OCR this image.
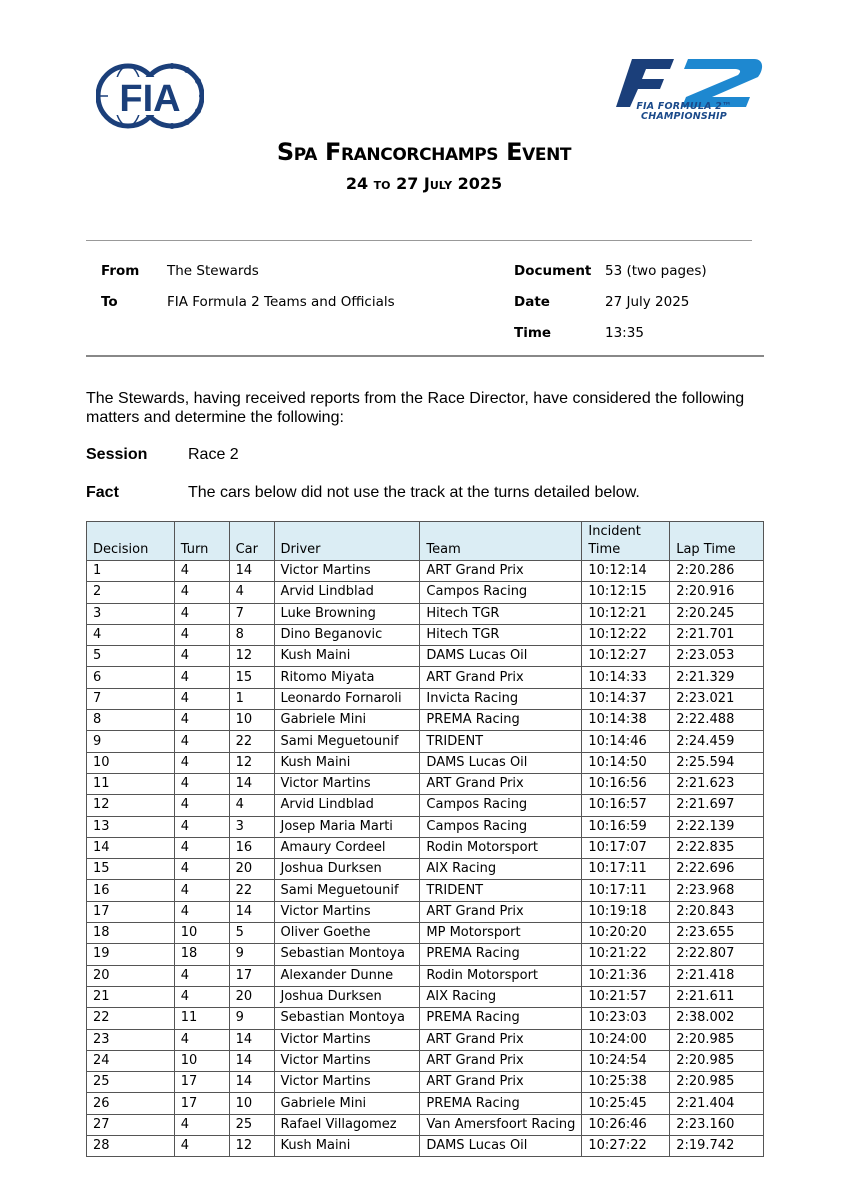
FIA	FIA FORMULA 2™
CHAMPIONSHIP
Spa Francorchamps Event
24 to 27 July 2025
From The Stewards
To	FIA Formula 2 Teams and Officials
Document 53 (two pages)
Date	27 July 2025
Time	13:35
The Stewards, having received reports from the Race Director, have considered the following matters and determine the following:
Session	Race 2
Fact	The cars below did not use the track at the turns detailed below.
Decision	Turn	Car	Driver	Team	Incident Time	Lap Time
1	4	14	Victor Martins	ART Grand Prix	10:12:14	2:20.286
2	4	4	Arvid Lindblad	Campos Racing	10:12:15	2:20.916
3	4	7	Luke Browning	Hitech TGR	10:12:21	2:20.245
4	4	8	Dino Beganovic	Hitech TGR	10:12:22	2:21.701
5	4	12	Kush Maini	DAMS Lucas Oil	10:12:27	2:23.053
6	4	15	Ritomo Miyata	ART Grand Prix	10:14:33	2:21.329
7	4	1	Leonardo Fornaroli	Invicta Racing	10:14:37	2:23.021
8	4	10	Gabriele Mini	PREMA Racing	10:14:38	2:22.488
9	4	22	Sami Meguetounif	TRIDENT	10:14:46	2:24.459
10	4	12	Kush Maini	DAMS Lucas Oil	10:14:50	2:25.594
11	4	14	Victor Martins	ART Grand Prix	10:16:56	2:21.623
12	4	4	Arvid Lindblad	Campos Racing	10:16:57	2:21.697
13	4	3	Josep Maria Marti	Campos Racing	10:16:59	2:22.139
14	4	16	Amaury Cordeel	Rodin Motorsport	10:17:07	2:22.835
15	4	20	Joshua Durksen	AIX Racing	10:17:11	2:22.696
16	4	22	Sami Meguetounif	TRIDENT	10:17:11	2:23.968
17	4	14	Victor Martins	ART Grand Prix	10:19:18	2:20.843
18	10	5	Oliver Goethe	MP Motorsport	10:20:20	2:23.655
19	18	9	Sebastian Montoya	PREMA Racing	10:21:22	2:22.807
20	4	17	Alexander Dunne	Rodin Motorsport	10:21:36	2:21.418
21	4	20	Joshua Durksen	AIX Racing	10:21:57	2:21.611
22	11	9	Sebastian Montoya	PREMA Racing	10:23:03	2:38.002
23	4	14	Victor Martins	ART Grand Prix	10:24:00	2:20.985
24	10	14	Victor Martins	ART Grand Prix	10:24:54	2:20.985
25	17	14	Victor Martins	ART Grand Prix	10:25:38	2:20.985
26	17	10	Gabriele Mini	PREMA Racing	10:25:45	2:21.404
27	4	25	Rafael Villagomez	Van Amersfoort Racing	10:26:46	2:23.160
28	4	12	Kush Maini	DAMS Lucas Oil	10:27:22	2:19.742
